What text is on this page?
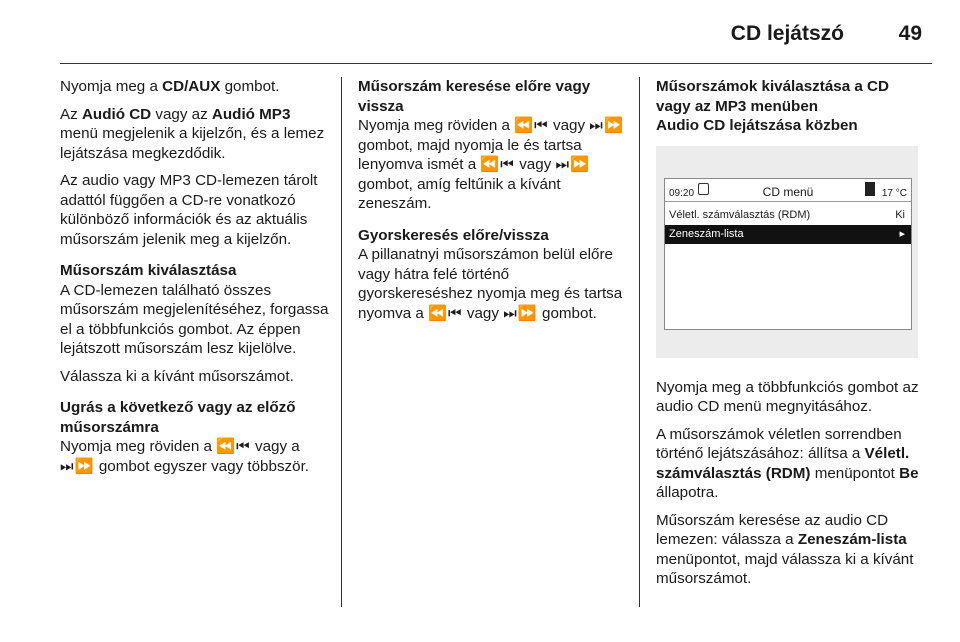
CD lejátszó	49

Nyomja meg a CD/AUX gombot.

Az Audió CD vagy az Audió MP3 menü megjelenik a kijelzőn, és a lemez lejátszása megkezdődik.

Az audio vagy MP3 CD-lemezen tárolt adattól függően a CD-re vonatkozó különböző információk és az aktuális műsorszám jelenik meg a kijelzőn.

Műsorszám kiválasztása

A CD-lemezen található összes műsorszám megjelenítéséhez, forgassa el a többfunkciós gombot. Az éppen lejátszott műsorszám lesz kijelölve.

Válassza ki a kívánt műsorszámot.

Ugrás a következő vagy az előző műsorszámra

Nyomja meg röviden a ⏪⏮ vagy a ⏭⏩ gombot egyszer vagy többször.

Műsorszám keresése előre vagy vissza

Nyomja meg röviden a ⏪⏮ vagy ⏭⏩ gombot, majd nyomja le és tartsa lenyomva ismét a ⏪⏮ vagy ⏭⏩ gombot, amíg feltűnik a kívánt zeneszám.

Gyorskeresés előre/vissza

A pillanatnyi műsorszámon belül előre vagy hátra felé történő gyorskereséshez nyomja meg és tartsa nyomva a ⏪⏮ vagy ⏭⏩ gombot.

Műsorszámok kiválasztása a CD vagy az MP3 menüben
Audio CD lejátszása közben
09:20	CD menü	17 °C
Véletl. számválasztás (RDM)	Ki
Zeneszám-lista	▸

Nyomja meg a többfunkciós gombot az audio CD menü megnyitásához.

A műsorszámok véletlen sorrendben történő lejátszásához: állítsa a Véletl. számválasztás (RDM) menüpontot Be állapotra.

Műsorszám keresése az audio CD lemezen: válassza a Zeneszám-lista menüpontot, majd válassza ki a kívánt műsorszámot.
